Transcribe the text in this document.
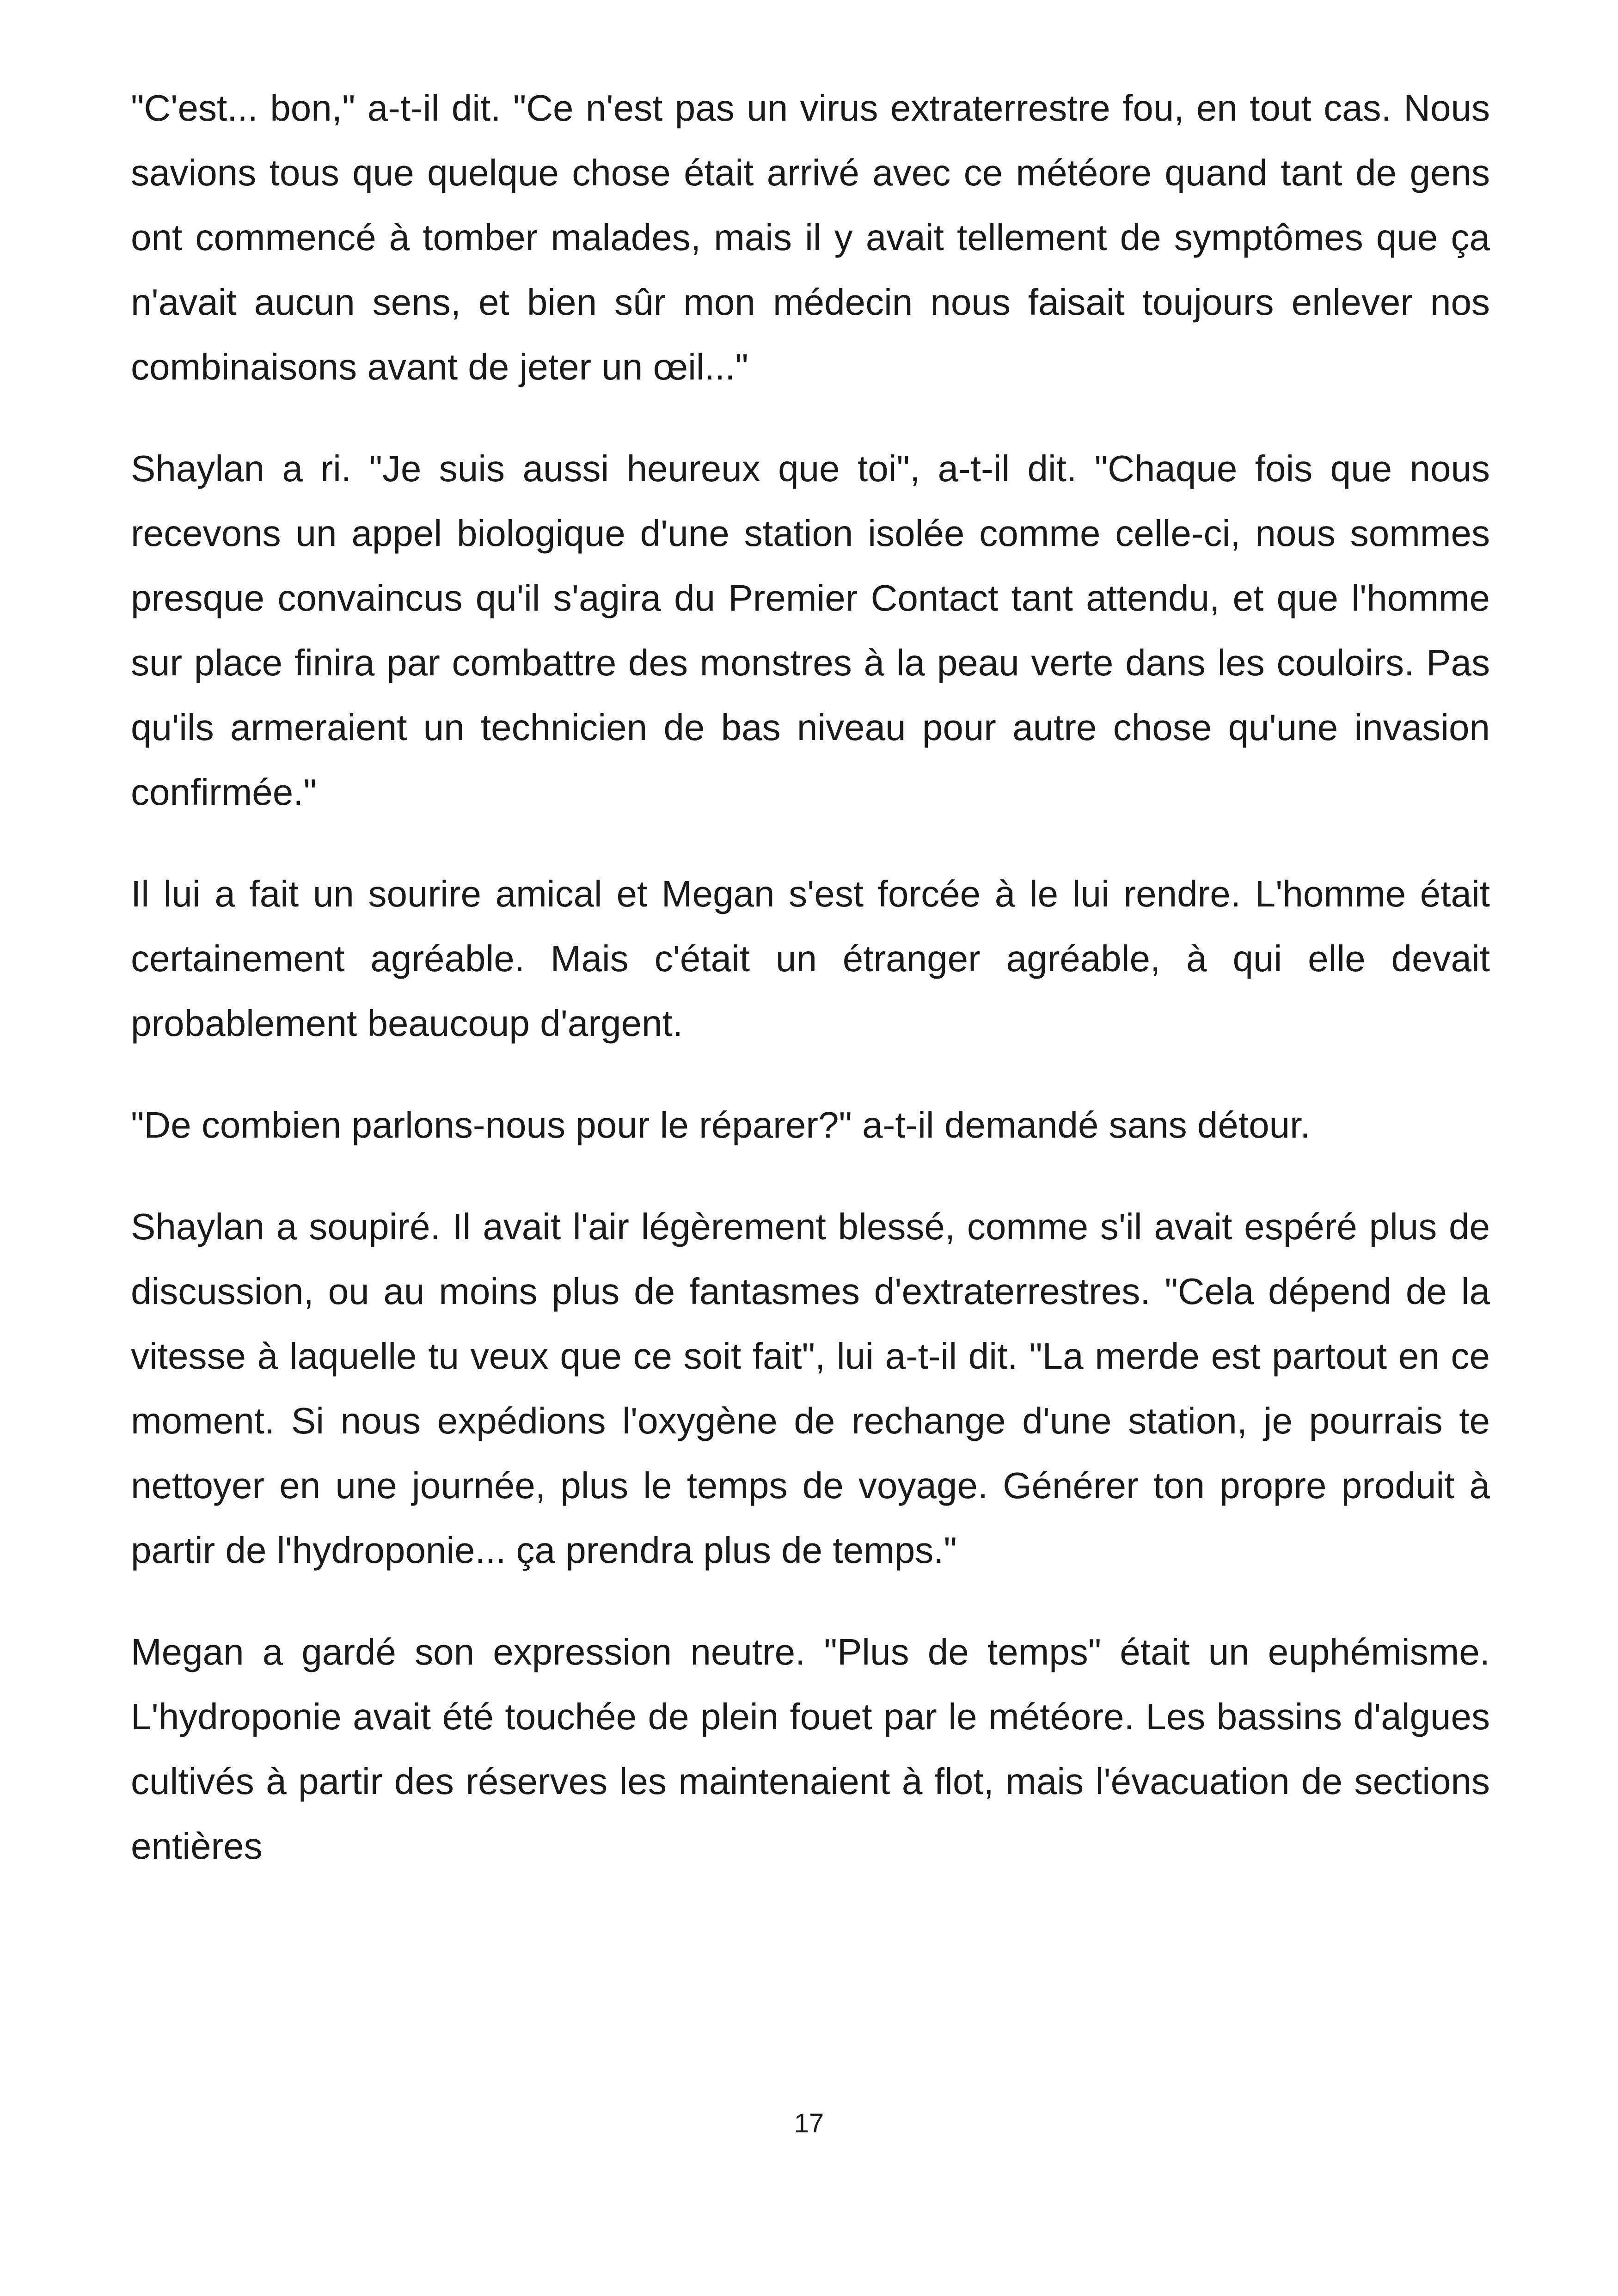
"C'est... bon," a-t-il dit. "Ce n'est pas un virus extraterrestre fou, en tout cas. Nous savions tous que quelque chose était arrivé avec ce météore quand tant de gens ont commencé à tomber malades, mais il y avait tellement de symptômes que ça n'avait aucun sens, et bien sûr mon médecin nous faisait toujours enlever nos combinaisons avant de jeter un œil..."

Shaylan a ri. "Je suis aussi heureux que toi", a-t-il dit. "Chaque fois que nous recevons un appel biologique d'une station isolée comme celle-ci, nous sommes presque convaincus qu'il s'agira du Premier Contact tant attendu, et que l'homme sur place finira par combattre des monstres à la peau verte dans les couloirs. Pas qu'ils armeraient un technicien de bas niveau pour autre chose qu'une invasion confirmée."

Il lui a fait un sourire amical et Megan s'est forcée à le lui rendre. L'homme était certainement agréable. Mais c'était un étranger agréable, à qui elle devait probablement beaucoup d'argent.

"De combien parlons-nous pour le réparer?" a-t-il demandé sans détour.

Shaylan a soupiré. Il avait l'air légèrement blessé, comme s'il avait espéré plus de discussion, ou au moins plus de fantasmes d'extraterrestres. "Cela dépend de la vitesse à laquelle tu veux que ce soit fait", lui a-t-il dit. "La merde est partout en ce moment. Si nous expédions l'oxygène de rechange d'une station, je pourrais te nettoyer en une journée, plus le temps de voyage. Générer ton propre produit à partir de l'hydroponie... ça prendra plus de temps."

Megan a gardé son expression neutre. "Plus de temps" était un euphémisme. L'hydroponie avait été touchée de plein fouet par le météore. Les bassins d'algues cultivés à partir des réserves les maintenaient à flot, mais l'évacuation de sections entières

17
